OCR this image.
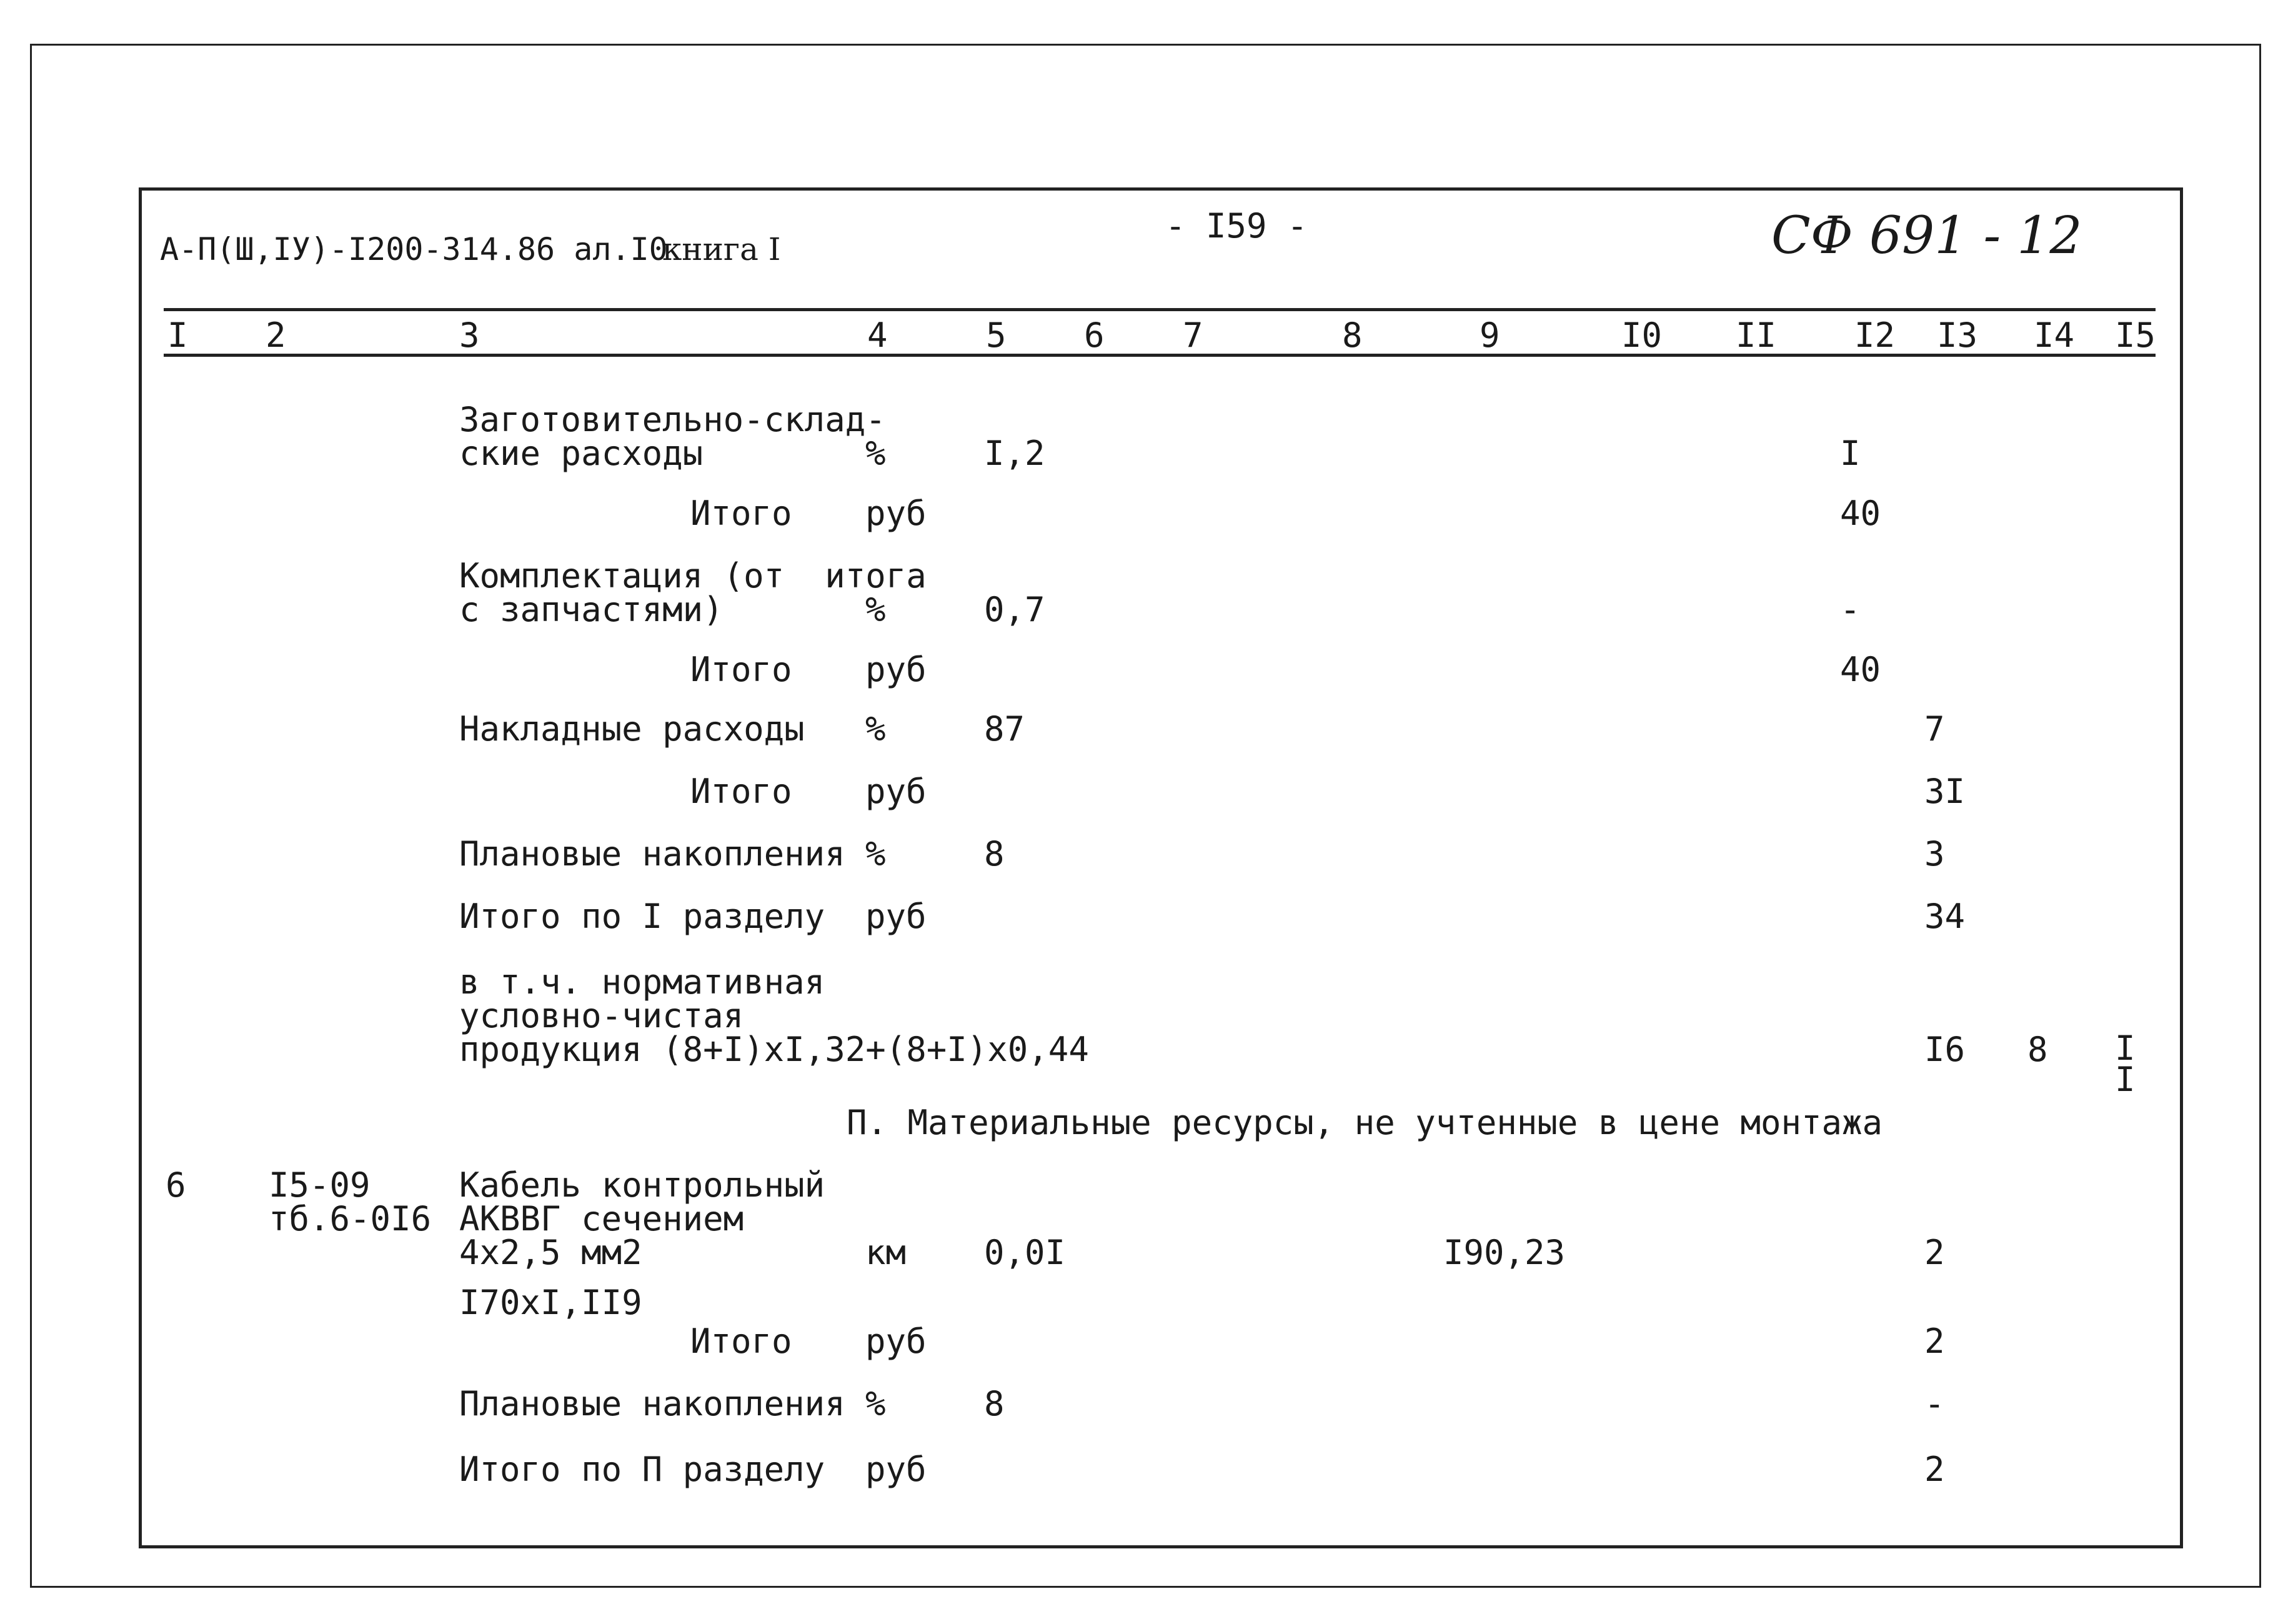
А-П(Ш,IУ)-I200-314.86 ал.I0
книга I
- I59 -	СФ 691 - 12
I 2	3	4	5 6 7	8	9	I0 II I2 I3 I4 I5
Заготовительно-склад-
ские расходы	%	I,2	I
Итого руб	40
Комплектация (от  итога
с запчастями)	%	0,7	-
Итого руб	40
Накладные расходы %	87	7
Итого руб	3I
Плановые накопления %	8	3
Итого по I разделу руб	34
в т.ч. нормативная
условно-чистая
продукция (8+I)xI,32+(8+I)x0,44	I6 8 I
I
П. Материальные ресурсы, не учтенные в цене монтажа
6 I5-09
тб.6-0I6
Кабель контрольный
АКВВГ сечением
4x2,5 мм2
I70xI,II9
км 0,0I	I90,23	2
Итого руб	2
Плановые накопления %	8	-
Итого по П разделу руб	2
